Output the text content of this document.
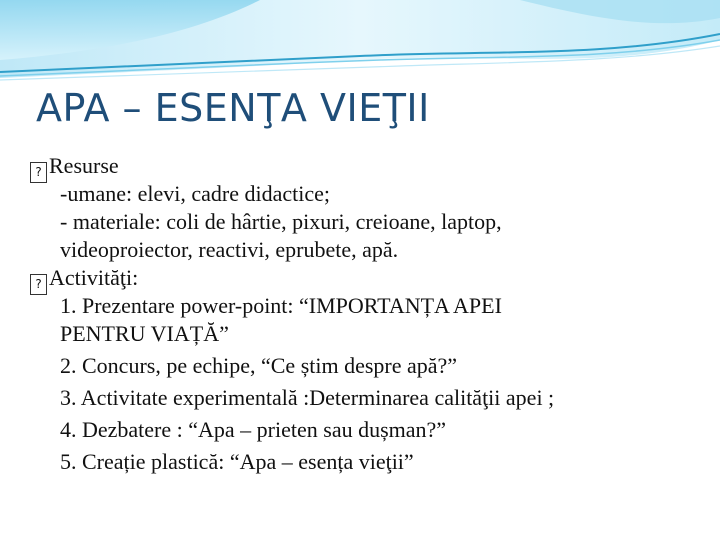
APA – ESENŢA VIEŢII
? Resurse
-umane: elevi, cadre didactice;
- materiale: coli de hârtie, pixuri, creioane, laptop,
videoproiector, reactivi, eprubete, apă.
? Activităţi:
1. Prezentare power-point: “IMPORTANȚA APEI
PENTRU VIAȚĂ”
2. Concurs, pe echipe, “Ce știm despre apă?”
3. Activitate experimentală :Determinarea calităţii apei ;
4. Dezbatere : “Apa – prieten sau dușman?”
5. Creație plastică: “Apa – esența vieţii”
